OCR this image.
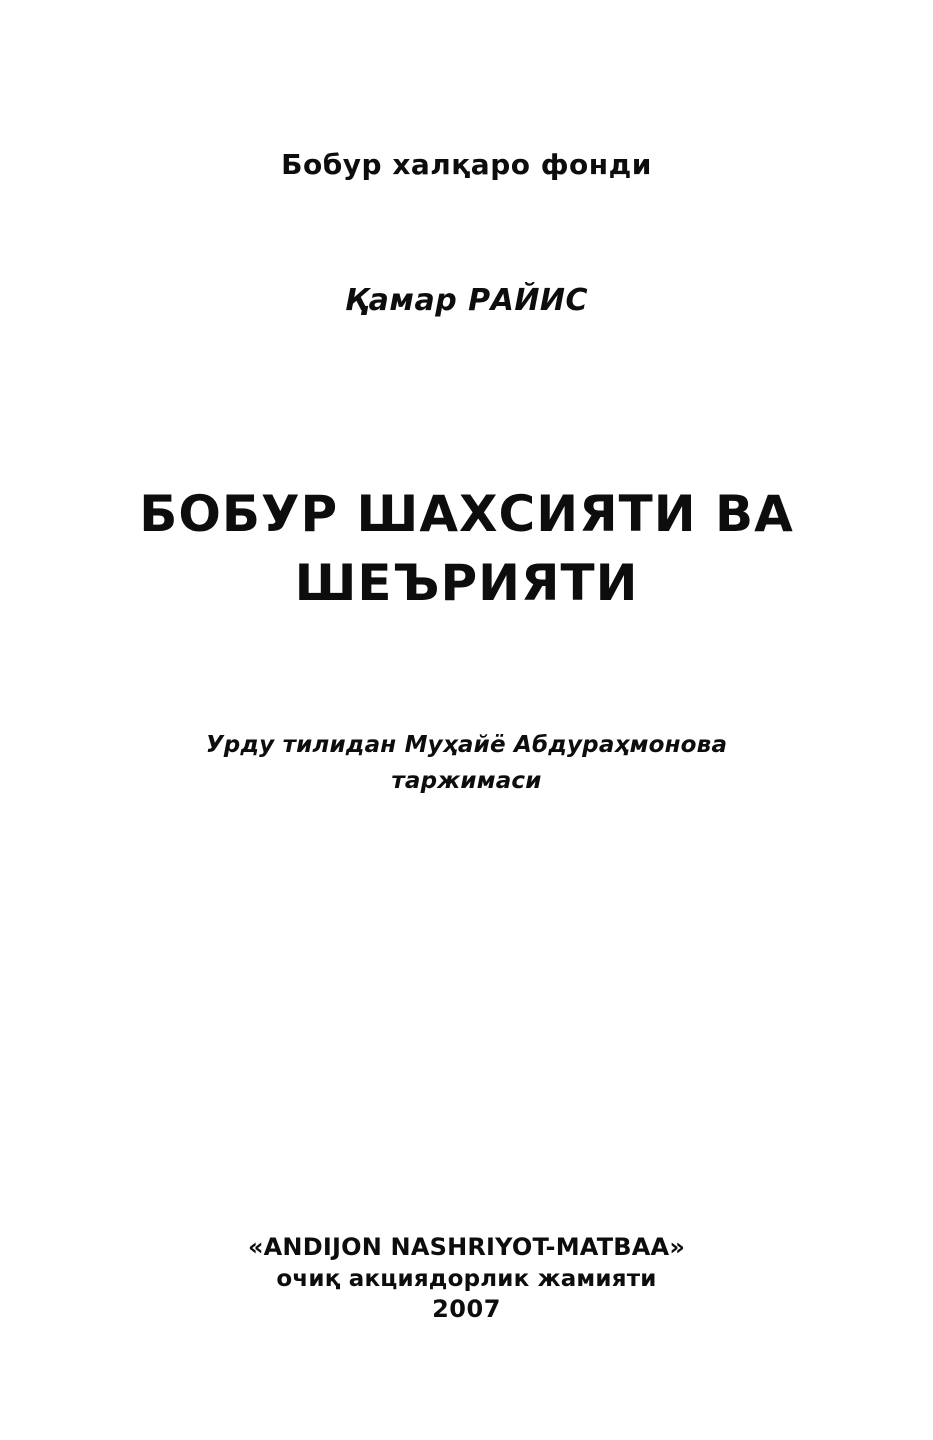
Бобур халқаро фонди
Қамар РАЙИС
БОБУР ШАХСИЯТИ ВА
ШЕЪРИЯТИ
Урду тилидан Муҳайё Абдураҳмонова
таржимаси
«ANDIJON NASHRIYOT-MATBAA»
очиқ акциядорлик жамияти
2007
